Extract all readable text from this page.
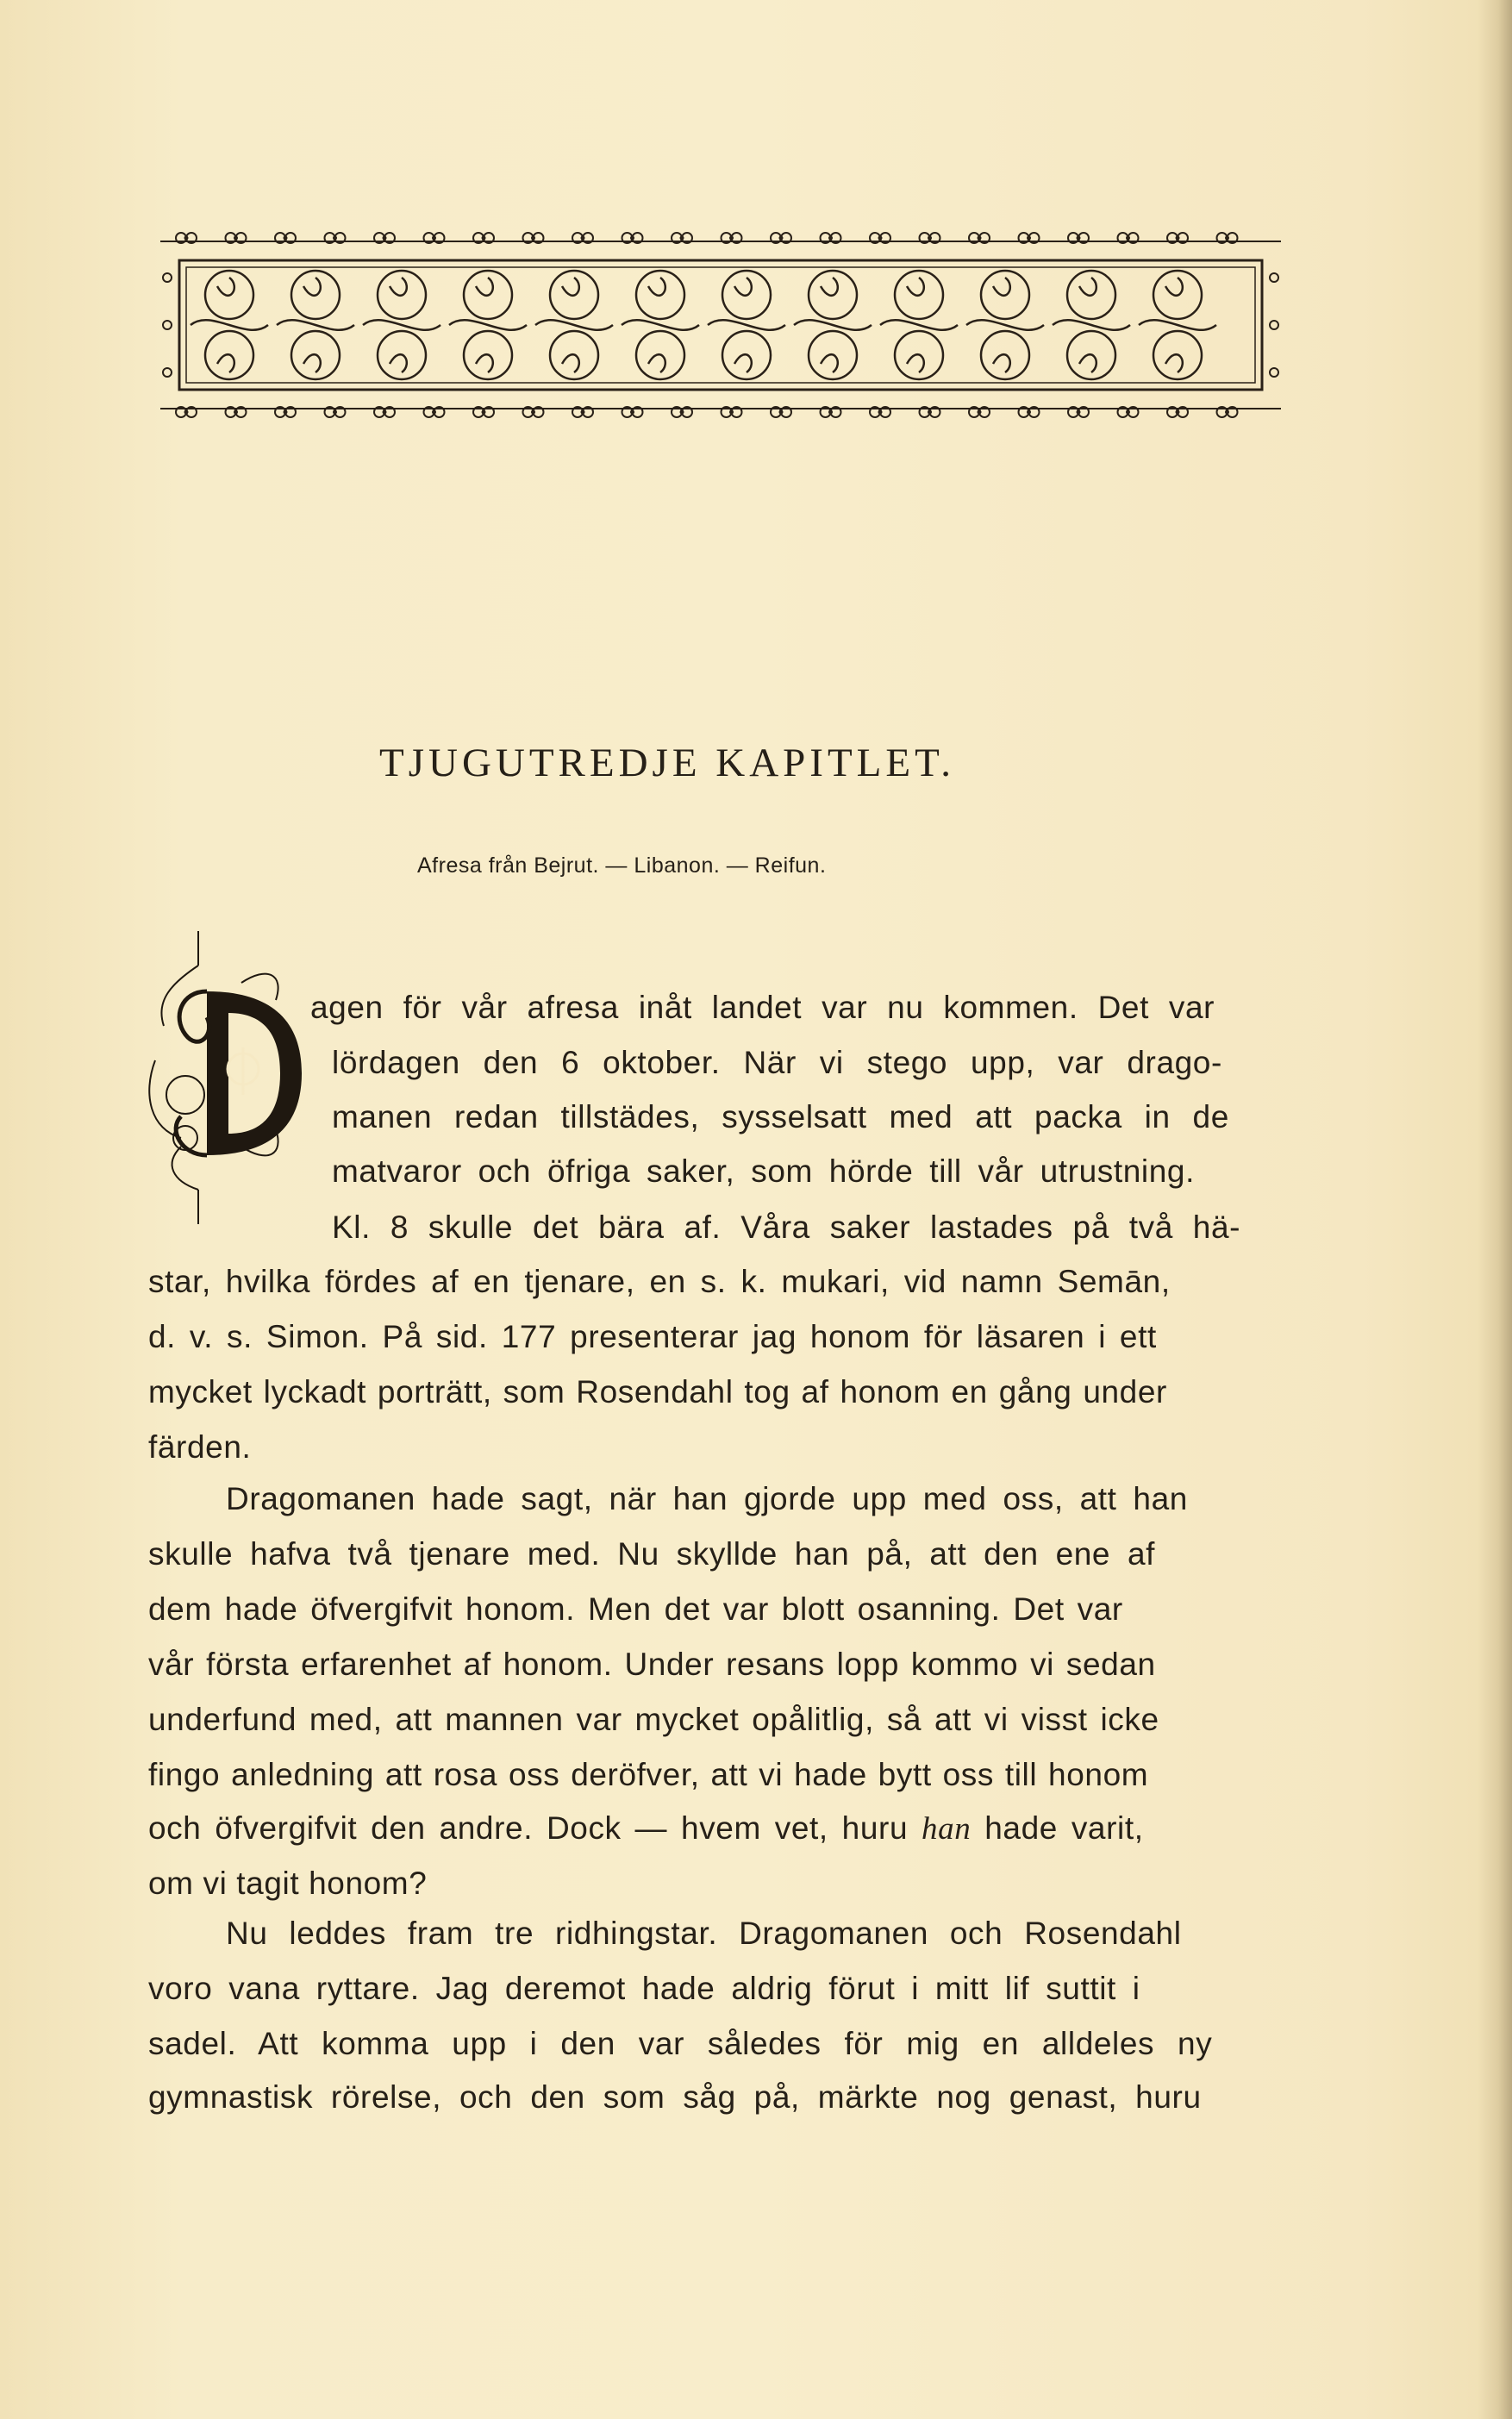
TJUGUTREDJE KAPITLET.
Afresa från Bejrut. — Libanon. — Reifun.
agen för vår afresa inåt landet var nu kommen. Det var
lördagen den 6 oktober. När vi stego upp, var drago-
manen redan tillstädes, sysselsatt med att packa in de
matvaror och öfriga saker, som hörde till vår utrustning.
Kl. 8 skulle det bära af. Våra saker lastades på två hä-
star, hvilka fördes af en tjenare, en s. k. mukari, vid namn Semān,
d. v. s. Simon. På sid. 177 presenterar jag honom för läsaren i ett
mycket lyckadt porträtt, som Rosendahl tog af honom en gång under
färden.
Dragomanen hade sagt, när han gjorde upp med oss, att han
skulle hafva två tjenare med. Nu skyllde han på, att den ene af
dem hade öfvergifvit honom. Men det var blott osanning. Det var
vår första erfarenhet af honom. Under resans lopp kommo vi sedan
underfund med, att mannen var mycket opålitlig, så att vi visst icke
fingo anledning att rosa oss deröfver, att vi hade bytt oss till honom
och öfvergifvit den andre. Dock — hvem vet, huru han hade varit,
om vi tagit honom?
Nu leddes fram tre ridhingstar. Dragomanen och Rosendahl
voro vana ryttare. Jag deremot hade aldrig förut i mitt lif suttit i
sadel. Att komma upp i den var således för mig en alldeles ny
gymnastisk rörelse, och den som såg på, märkte nog genast, huru
